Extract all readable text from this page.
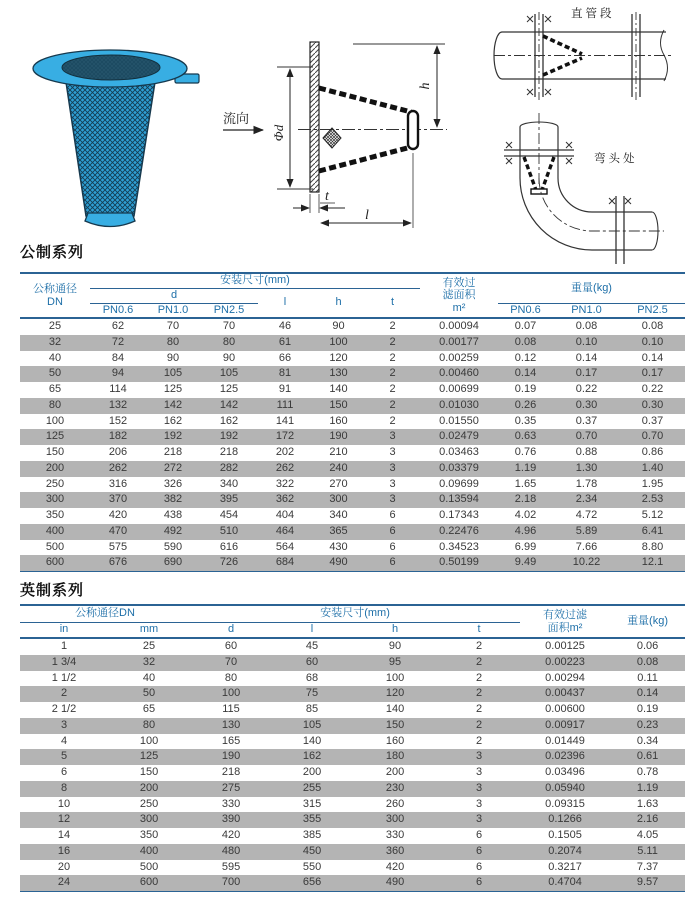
流向
Φd
h
t
l
直管段
弯头处
公制系列
公称通径
DN	安装尺寸(mm)						有效过
滤面积
m²	重量(kg)		
	d			l	h	t				
	PN0.6	PN1.0	PN2.5					PN0.6	PN1.0	PN2.5
25	62	70	70	46	90	2	0.00094	0.07	0.08	0.08
32	72	80	80	61	100	2	0.00177	0.08	0.10	0.10
40	84	90	90	66	120	2	0.00259	0.12	0.14	0.14
50	94	105	105	81	130	2	0.00460	0.14	0.17	0.17
65	114	125	125	91	140	2	0.00699	0.19	0.22	0.22
80	132	142	142	111	150	2	0.01030	0.26	0.30	0.30
100	152	162	162	141	160	2	0.01550	0.35	0.37	0.37
125	182	192	192	172	190	3	0.02479	0.63	0.70	0.70
150	206	218	218	202	210	3	0.03463	0.76	0.88	0.86
200	262	272	282	262	240	3	0.03379	1.19	1.30	1.40
250	316	326	340	322	270	3	0.09699	1.65	1.78	1.95
300	370	382	395	362	300	3	0.13594	2.18	2.34	2.53
350	420	438	454	404	340	6	0.17343	4.02	4.72	5.12
400	470	492	510	464	365	6	0.22476	4.96	5.89	6.41
500	575	590	616	564	430	6	0.34523	6.99	7.66	8.80
600	676	690	726	684	490	6	0.50199	9.49	10.22	12.1
英制系列
公称通径DN		安装尺寸(mm)				有效过滤
面积m²	重量(kg)
in	mm	d	l	h	t		
1	25	60	45	90	2	0.00125	0.06
1 3/4	32	70	60	95	2	0.00223	0.08
1 1/2	40	80	68	100	2	0.00294	0.11
2	50	100	75	120	2	0.00437	0.14
2 1/2	65	115	85	140	2	0.00600	0.19
3	80	130	105	150	2	0.00917	0.23
4	100	165	140	160	2	0.01449	0.34
5	125	190	162	180	3	0.02396	0.61
6	150	218	200	200	3	0.03496	0.78
8	200	275	255	230	3	0.05940	1.19
10	250	330	315	260	3	0.09315	1.63
12	300	390	355	300	3	0.1266	2.16
14	350	420	385	330	6	0.1505	4.05
16	400	480	450	360	6	0.2074	5.11
20	500	595	550	420	6	0.3217	7.37
24	600	700	656	490	6	0.4704	9.57
